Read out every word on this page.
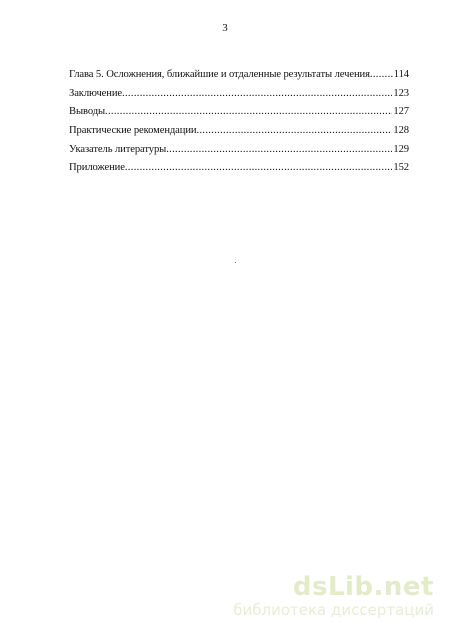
3
Глава 5. Осложнения, ближайшие и отдаленные результаты лечения ..... 114
Заключение .....	123
Выводы .....	127
Практические рекомендации .....	128
Указатель литературы .....	129
Приложение .....	152
dsLib.net
библиотека диссертаций
